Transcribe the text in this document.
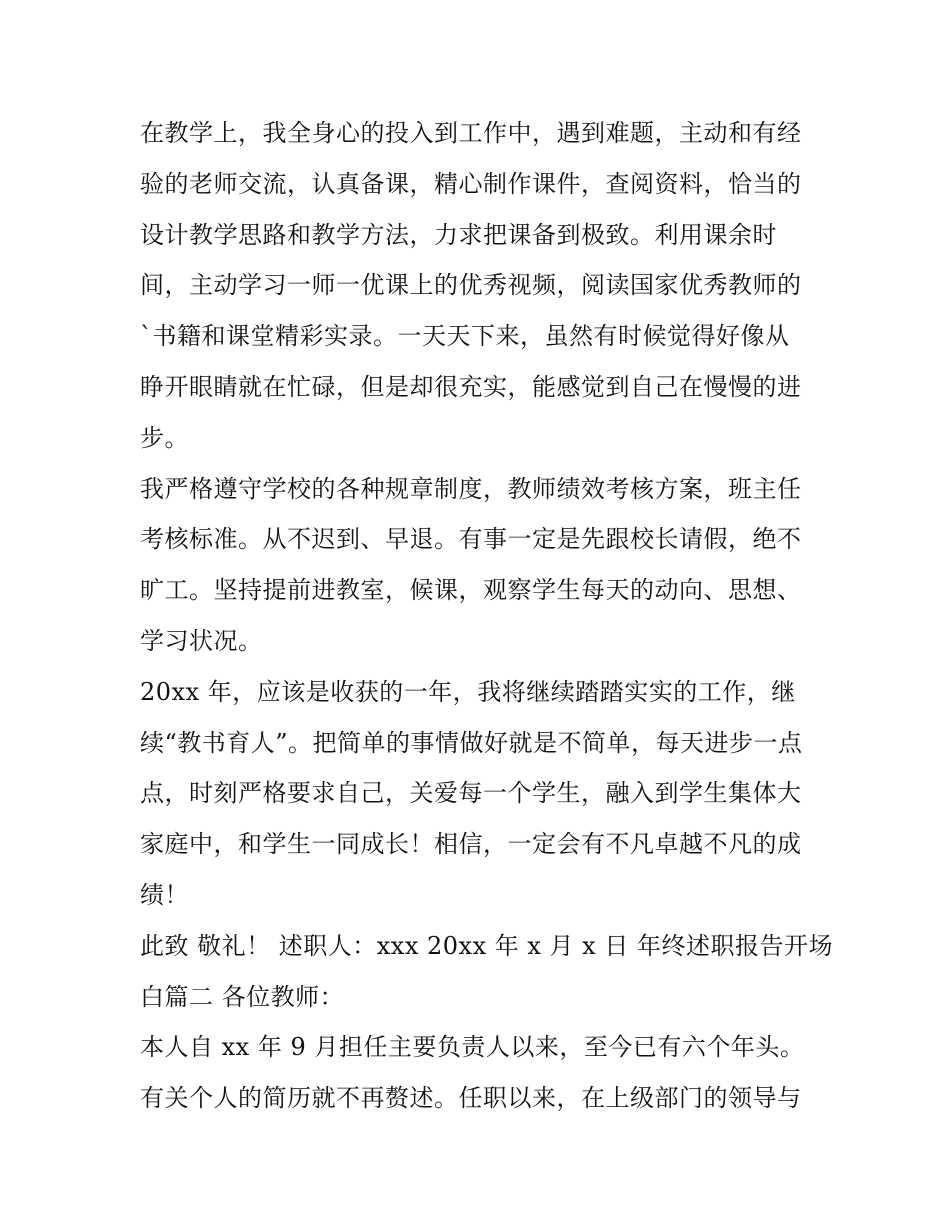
在教学上，我全身心的投入到工作中，遇到难题，主动和有经
验的老师交流，认真备课，精心制作课件，查阅资料，恰当的
设计教学思路和教学方法，力求把课备到极致。利用课余时
间，主动学习一师一优课上的优秀视频，阅读国家优秀教师的
`书籍和课堂精彩实录。一天天下来，虽然有时候觉得好像从
睁开眼睛就在忙碌，但是却很充实，能感觉到自己在慢慢的进
步。
我严格遵守学校的各种规章制度，教师绩效考核方案，班主任
考核标准。从不迟到、早退。有事一定是先跟校长请假，绝不
旷工。坚持提前进教室，候课，观察学生每天的动向、思想、
学习状况。
20xx 年，应该是收获的一年，我将继续踏踏实实的工作，继
续“教书育人”。把简单的事情做好就是不简单，每天进步一点
点，时刻严格要求自己，关爱每一个学生，融入到学生集体大
家庭中，和学生一同成长！相信，一定会有不凡卓越不凡的成
绩！
此致 敬礼！ 述职人：xxx 20xx 年 x 月 x 日 年终述职报告开场
白篇二 各位教师：
本人自 xx 年 9 月担任主要负责人以来，至今已有六个年头。
有关个人的简历就不再赘述。任职以来，在上级部门的领导与
